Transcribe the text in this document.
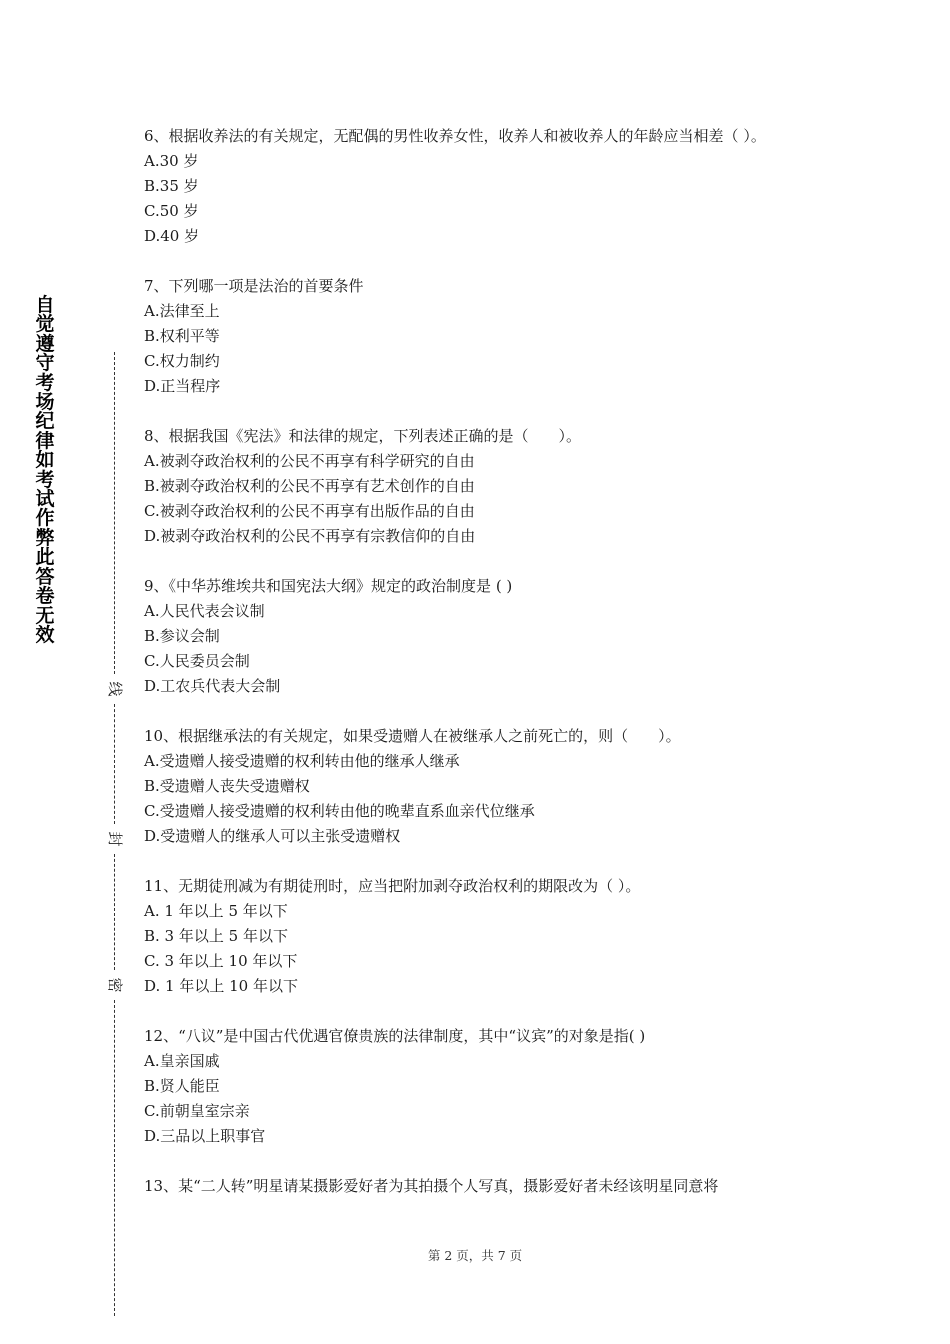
自觉遵守考场纪律如考试作弊此答卷无效
线
封
密

6、根据收养法的有关规定，无配偶的男性收养女性，收养人和被收养人的年龄应当相差（ ）。

A.30 岁

B.35 岁

C.50 岁

D.40 岁

7、下列哪一项是法治的首要条件

A.法律至上

B.权利平等

C.权力制约

D.正当程序

8、根据我国《宪法》和法律的规定，下列表述正确的是（　　）。

A.被剥夺政治权利的公民不再享有科学研究的自由

B.被剥夺政治权利的公民不再享有艺术创作的自由

C.被剥夺政治权利的公民不再享有出版作品的自由

D.被剥夺政治权利的公民不再享有宗教信仰的自由

9、《中华苏维埃共和国宪法大纲》规定的政治制度是 ( )

A.人民代表会议制

B.参议会制

C.人民委员会制

D.工农兵代表大会制

10、根据继承法的有关规定，如果受遗赠人在被继承人之前死亡的，则（　　）。

A.受遗赠人接受遗赠的权利转由他的继承人继承

B.受遗赠人丧失受遗赠权

C.受遗赠人接受遗赠的权利转由他的晚辈直系血亲代位继承

D.受遗赠人的继承人可以主张受遗赠权

11、无期徒刑减为有期徒刑时，应当把附加剥夺政治权利的期限改为（ ）。

A. 1 年以上 5 年以下

B. 3 年以上 5 年以下

C. 3 年以上 10 年以下

D. 1 年以上 10 年以下

12、“八议”是中国古代优遇官僚贵族的法律制度，其中“议宾”的对象是指( )

A.皇亲国戚

B.贤人能臣

C.前朝皇室宗亲

D.三品以上职事官

13、某“二人转”明星请某摄影爱好者为其拍摄个人写真，摄影爱好者未经该明星同意将

第 2 页，共 7 页
